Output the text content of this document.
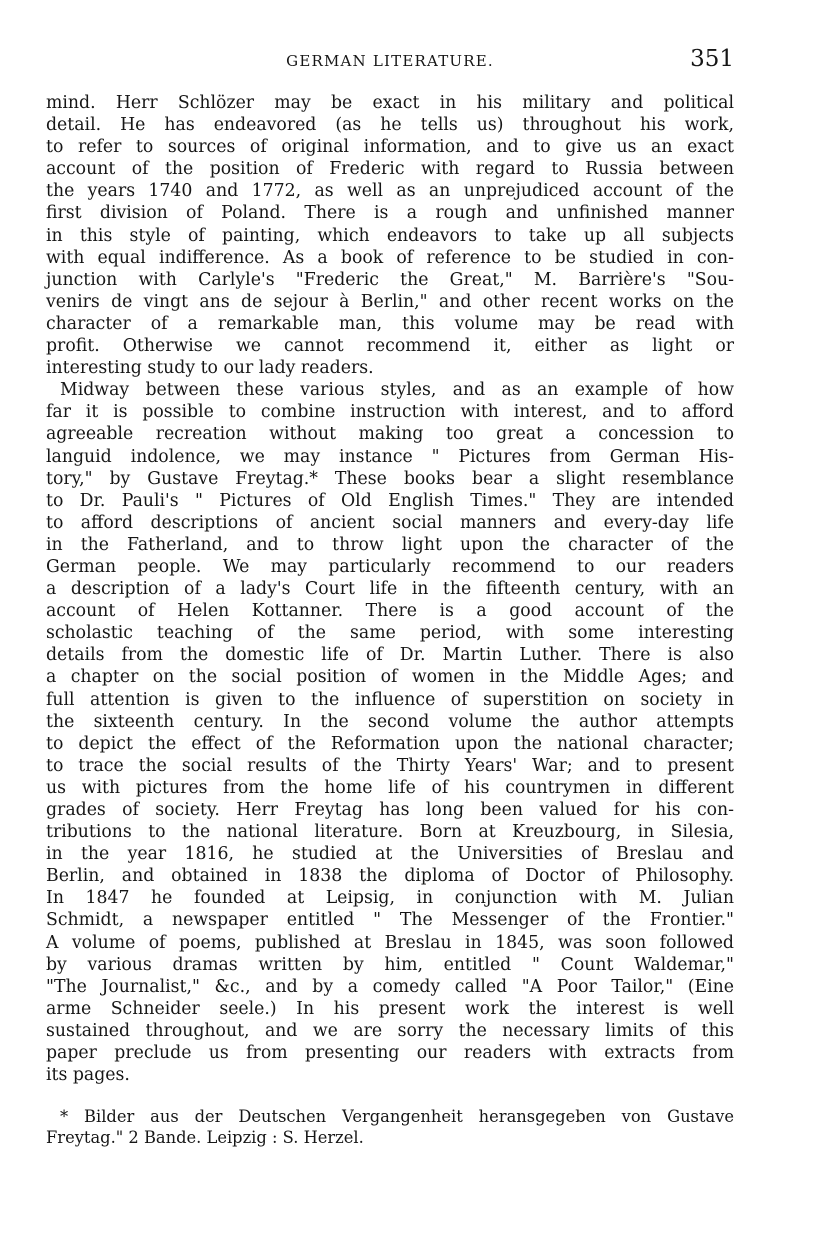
GERMAN LITERATURE.	351
mind. Herr Schlözer may be exact in his military and political
detail. He has endeavored (as he tells us) throughout his work,
to refer to sources of original information, and to give us an exact
account of the position of Frederic with regard to Russia between
the years 1740 and 1772, as well as an unprejudiced account of the
first division of Poland. There is a rough and unfinished manner
in this style of painting, which endeavors to take up all subjects
with equal indifference. As a book of reference to be studied in con-
junction with Carlyle's "Frederic the Great," M. Barrière's "Sou-
venirs de vingt ans de sejour à Berlin," and other recent works on the
character of a remarkable man, this volume may be read with
profit. Otherwise we cannot recommend it, either as light or
interesting study to our lady readers.
Midway between these various styles, and as an example of how
far it is possible to combine instruction with interest, and to afford
agreeable recreation without making too great a concession to
languid indolence, we may instance " Pictures from German His-
tory," by Gustave Freytag.* These books bear a slight resemblance
to Dr. Pauli's " Pictures of Old English Times." They are intended
to afford descriptions of ancient social manners and every-day life
in the Fatherland, and to throw light upon the character of the
German people. We may particularly recommend to our readers
a description of a lady's Court life in the fifteenth century, with an
account of Helen Kottanner. There is a good account of the
scholastic teaching of the same period, with some interesting
details from the domestic life of Dr. Martin Luther. There is also
a chapter on the social position of women in the Middle Ages; and
full attention is given to the influence of superstition on society in
the sixteenth century. In the second volume the author attempts
to depict the effect of the Reformation upon the national character;
to trace the social results of the Thirty Years' War; and to present
us with pictures from the home life of his countrymen in different
grades of society. Herr Freytag has long been valued for his con-
tributions to the national literature. Born at Kreuzbourg, in Silesia,
in the year 1816, he studied at the Universities of Breslau and
Berlin, and obtained in 1838 the diploma of Doctor of Philosophy.
In 1847 he founded at Leipsig, in conjunction with M. Julian
Schmidt, a newspaper entitled " The Messenger of the Frontier."
A volume of poems, published at Breslau in 1845, was soon followed
by various dramas written by him, entitled " Count Waldemar,"
"The Journalist," &c., and by a comedy called "A Poor Tailor," (Eine
arme Schneider seele.) In his present work the interest is well
sustained throughout, and we are sorry the necessary limits of this
paper preclude us from presenting our readers with extracts from
its pages.
* Bilder aus der Deutschen Vergangenheit heransgegeben von Gustave
Freytag." 2 Bande. Leipzig : S. Herzel.
